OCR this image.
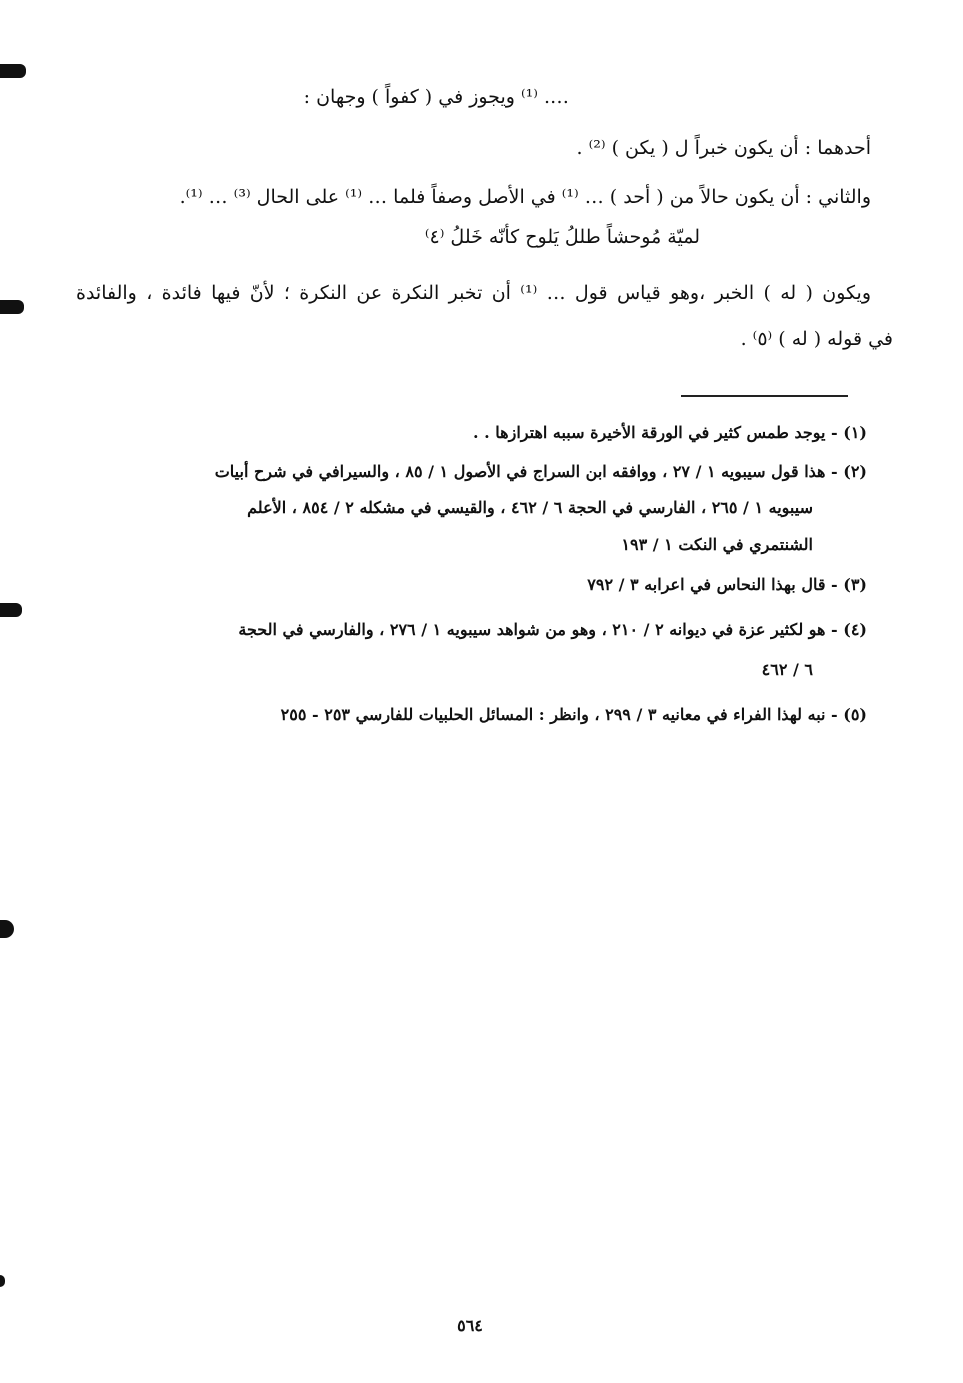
…. ⁽¹⁾ ويجوز في ( كفواً ) وجهان :
أحدهما : أن يكون خبراً ل ( يكن ) ⁽²⁾ .
والثاني : أن يكون حالاً من ( أحد ) … ⁽¹⁾ في الأصل وصفاً فلما … ⁽¹⁾ على الحال ⁽³⁾ … ⁽¹⁾.
لميّة مُوحشاً طللُ يَلوح كأنّه خَللُ ⁽٤⁾
ويكون ( له ) الخبر ،وهو قياس قول … ⁽¹⁾ أن تخبر النكرة عن النكرة ؛ لأنّ فيها فائدة ، والفائدة
في قوله ( له ) ⁽٥⁾ .
(١) - يوجد طمس كثير في الورقة الأخيرة سببه اهترازها . .
(٢) - هذا قول سيبويه ١ / ٢٧ ، ووافقه ابن السراج في الأصول ١ / ٨٥ ، والسيرافي في شرح أبيات
سيبويه ١ / ٢٦٥ ، الفارسي في الحجة ٦ / ٤٦٢ ، والقيسي في مشكله ٢ / ٨٥٤ ، الأعلم
الشنتمري في النكت ١ / ١٩٣
(٣) - قال بهذا النحاس في اعرابه ٣ / ٧٩٢
(٤) - هو لكثير عزة في ديوانه ٢ / ٢١٠ ، وهو من شواهد سيبويه ١ / ٢٧٦ ، والفارسي في الحجة
٦ / ٤٦٢
(٥) - نبه لهذا الفراء في معانيه ٣ / ٢٩٩ ، وانظر : المسائل الحلبيات للفارسي ٢٥٣ - ٢٥٥
٥٦٤
